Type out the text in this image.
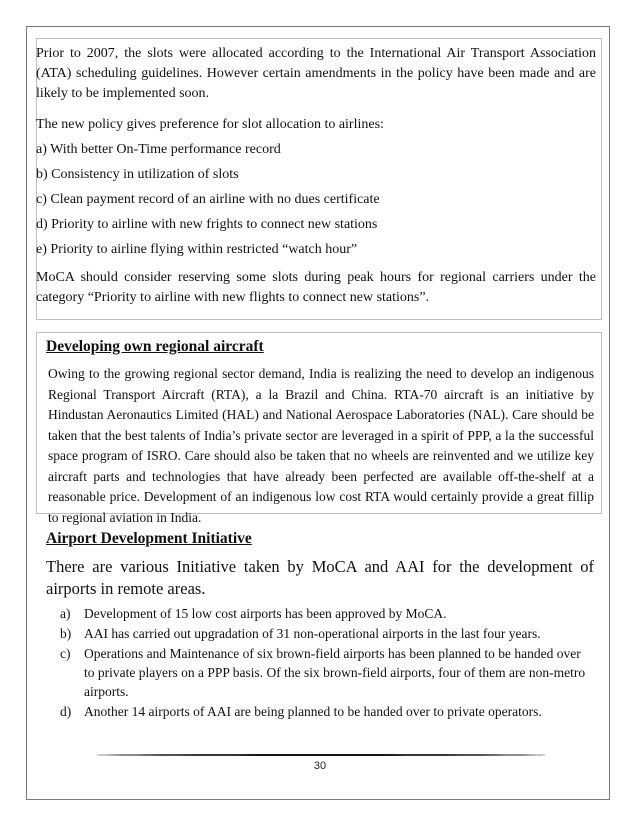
Prior to 2007, the slots were allocated according to the International Air Transport Association (ATA) scheduling guidelines. However certain amendments in the policy have been made and are likely to be implemented soon.

The new policy gives preference for slot allocation to airlines:

a) With better On-Time performance record

b) Consistency in utilization of slots

c) Clean payment record of an airline with no dues certificate

d) Priority to airline with new frights to connect new stations

e) Priority to airline flying within restricted “watch hour”

MoCA should consider reserving some slots during peak hours for regional carriers under the category “Priority to airline with new flights to connect new stations”.

Developing own regional aircraft

Owing to the growing regional sector demand, India is realizing the need to develop an indigenous Regional Transport Aircraft (RTA), a la Brazil and China. RTA-70 aircraft is an initiative by Hindustan Aeronautics Limited (HAL) and National Aerospace Laboratories (NAL). Care should be taken that the best talents of India’s private sector are leveraged in a spirit of PPP, a la the successful space program of ISRO. Care should also be taken that no wheels are reinvented and we utilize key aircraft parts and technologies that have already been perfected are available off-the-shelf at a reasonable price. Development of an indigenous low cost RTA would certainly provide a great fillip to regional aviation in India.

Airport Development Initiative

There are various Initiative taken by MoCA and AAI for the development of airports in remote areas.

a) Development of 15 low cost airports has been approved by MoCA.
b) AAI has carried out upgradation of 31 non-operational airports in the last four years.
c) Operations and Maintenance of six brown-field airports has been planned to be handed over to private players on a PPP basis. Of the six brown-field airports, four of them are non-metro airports.
d) Another 14 airports of AAI are being planned to be handed over to private operators.
30
